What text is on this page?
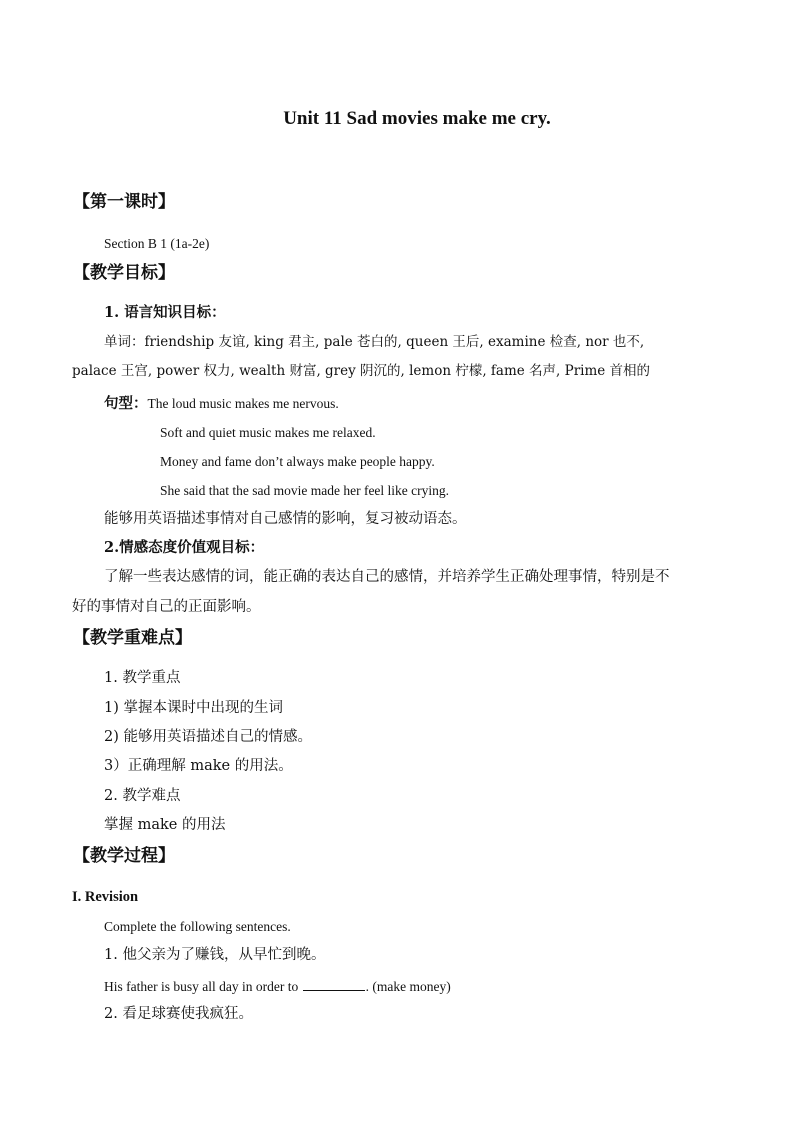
Unit 11 Sad movies make me cry.
【第一课时】
Section B 1 (1a-2e)
【教学目标】
1. 语言知识目标：
单词：friendship 友谊, king 君主, pale 苍白的, queen 王后, examine 检查, nor 也不,
palace 王宫, power 权力, wealth 财富, grey 阴沉的, lemon 柠檬, fame 名声, Prime 首相的
句型：The loud music makes me nervous.
Soft and quiet music makes me relaxed.
Money and fame don’t always make people happy.
She said that the sad movie made her feel like crying.
能够用英语描述事情对自己感情的影响，复习被动语态。
2.情感态度价值观目标：
了解一些表达感情的词，能正确的表达自己的感情，并培养学生正确处理事情，特别是不
好的事情对自己的正面影响。
【教学重难点】
1. 教学重点
1) 掌握本课时中出现的生词
2) 能够用英语描述自己的情感。
3）正确理解 make 的用法。
2. 教学难点
掌握 make 的用法
【教学过程】
I. Revision
Complete the following sentences.
1. 他父亲为了赚钱，从早忙到晚。
His father is busy all day in order to	. (make money)
2. 看足球赛使我疯狂。
